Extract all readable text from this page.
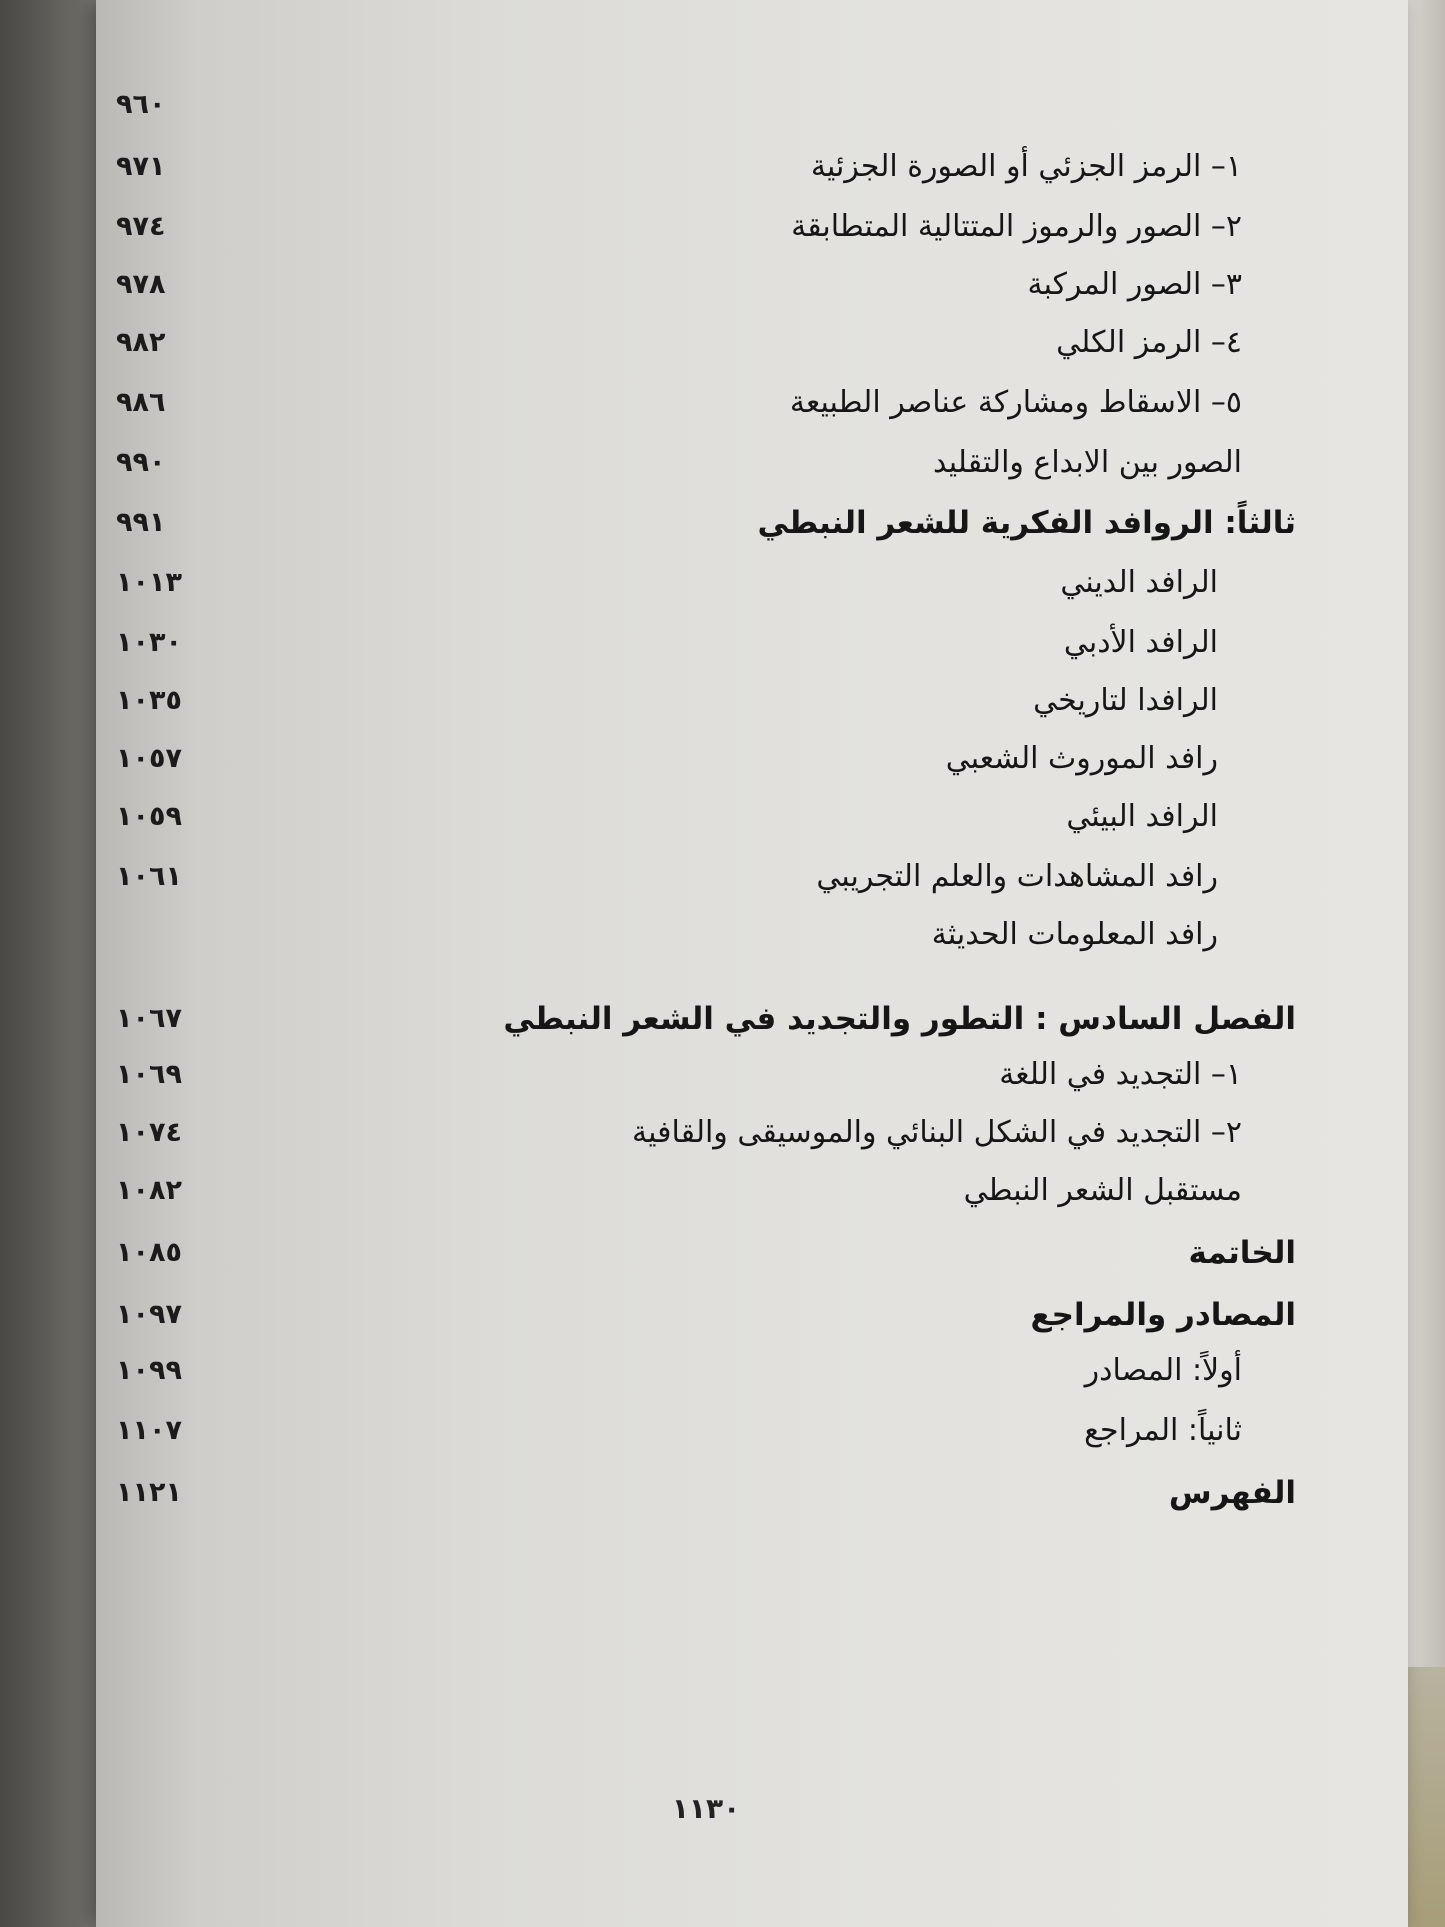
٩٦٠
٩٧١	١– الرمز الجزئي أو الصورة الجزئية
٩٧٤	٢– الصور والرموز المتتالية المتطابقة
٩٧٨	٣– الصور المركبة
٩٨٢	٤– الرمز الكلي
٩٨٦	٥– الاسقاط ومشاركة عناصر الطبيعة
٩٩٠	الصور بين الابداع والتقليد
٩٩١	ثالثاً: الروافد الفكرية للشعر النبطي
١٠١٣	الرافد الديني
١٠٣٠	الرافد الأدبي
١٠٣٥	الرافدا لتاريخي
١٠٥٧	رافد الموروث الشعبي
١٠٥٩	الرافد البيئي
١٠٦١	رافد المشاهدات والعلم التجريبي
رافد المعلومات الحديثة
١٠٦٧	الفصل السادس : التطور والتجديد في الشعر النبطي
١٠٦٩	١– التجديد في اللغة
١٠٧٤	٢– التجديد في الشكل البنائي والموسيقى والقافية
١٠٨٢	مستقبل الشعر النبطي
١٠٨٥	الخاتمة
١٠٩٧	المصادر والمراجع
١٠٩٩	أولاً: المصادر
١١٠٧	ثانياً: المراجع
١١٢١	الفهرس
١١٣٠
